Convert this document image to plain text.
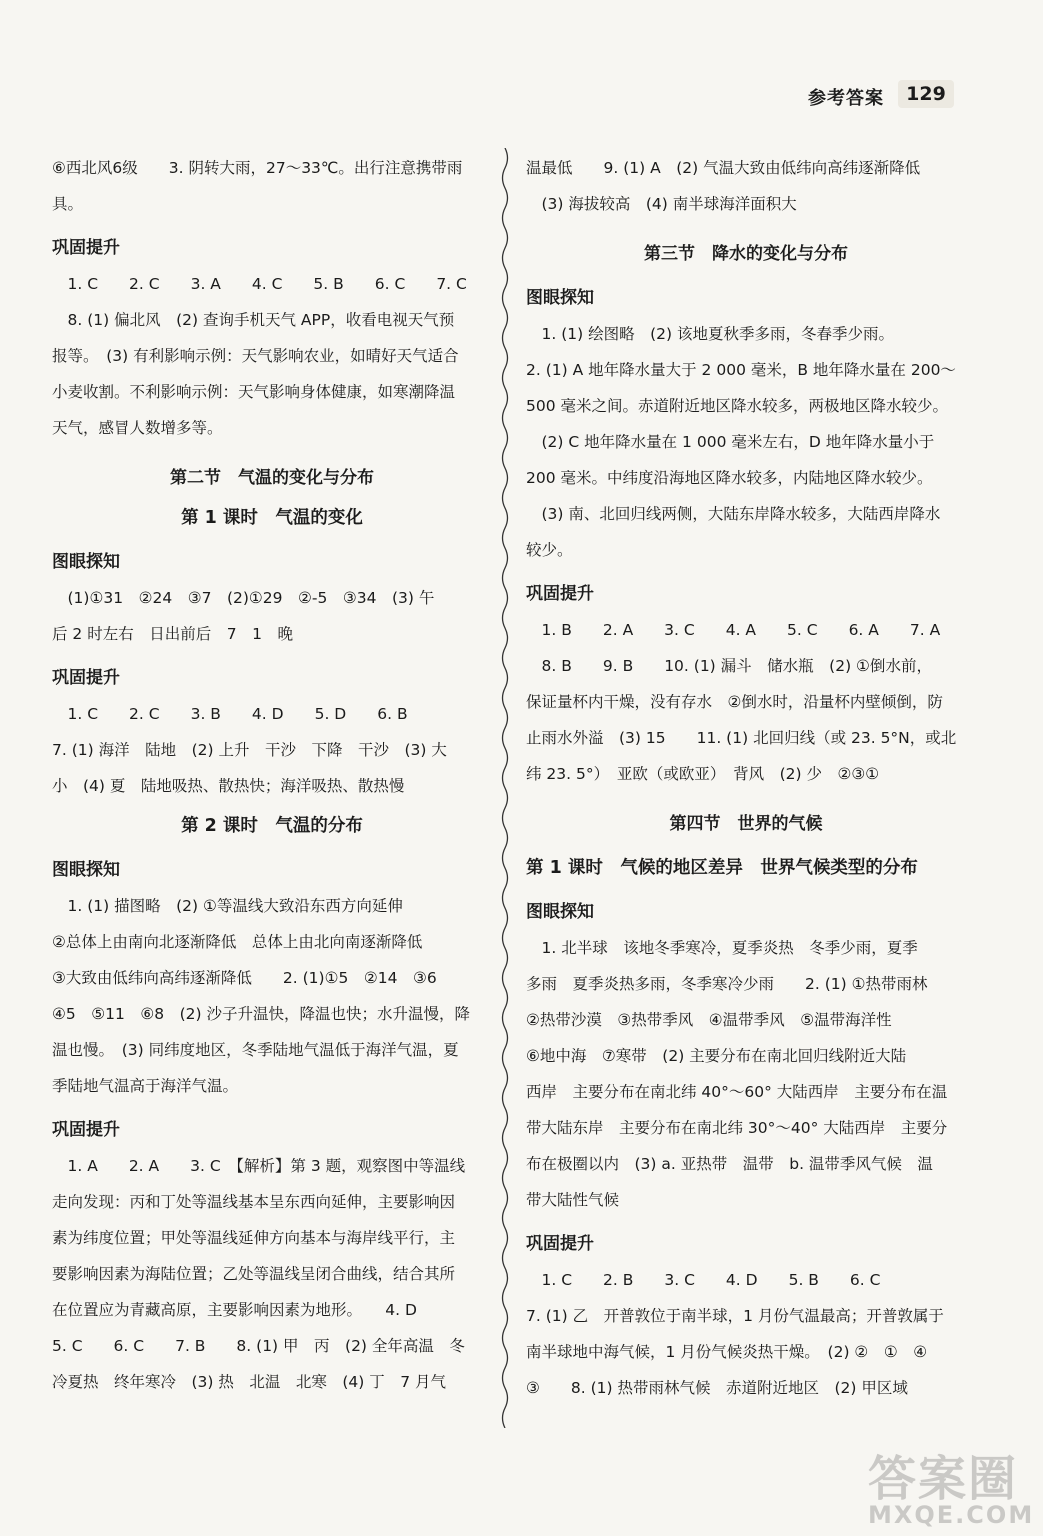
参考答案	129
⑥西北风6级　　3. 阴转大雨，27～33℃。出行注意携带雨
具。
巩固提升
　1. C　　2. C　　3. A　　4. C　　5. B　　6. C　　7. C
　8. (1) 偏北风　(2) 查询手机天气 APP，收看电视天气预
报等。　(3) 有利影响示例：天气影响农业，如晴好天气适合
小麦收割。不利影响示例：天气影响身体健康，如寒潮降温
天气，感冒人数增多等。
第二节　气温的变化与分布
第 1 课时　气温的变化
图眼探知
　(1)①31　②24　③7　(2)①29　②-5　③34　(3) 午
后 2 时左右　日出前后　7　1　晚
巩固提升
　1. C　　2. C　　3. B　　4. D　　5. D　　6. B
7. (1) 海洋　陆地　(2) 上升　干沙　下降　干沙　(3) 大
小　(4) 夏　陆地吸热、散热快；海洋吸热、散热慢
第 2 课时　气温的分布
图眼探知
　1. (1) 描图略　(2) ①等温线大致沿东西方向延伸
②总体上由南向北逐渐降低　总体上由北向南逐渐降低
③大致由低纬向高纬逐渐降低　　2. (1)①5　②14　③6
④5　⑤11　⑥8　(2) 沙子升温快，降温也快；水升温慢，降
温也慢。　(3) 同纬度地区，冬季陆地气温低于海洋气温，夏
季陆地气温高于海洋气温。
巩固提升
　1. A　　2. A　　3. C　【解析】第 3 题，观察图中等温线
走向发现：丙和丁处等温线基本呈东西向延伸，主要影响因
素为纬度位置；甲处等温线延伸方向基本与海岸线平行，主
要影响因素为海陆位置；乙处等温线呈闭合曲线，结合其所
在位置应为青藏高原，主要影响因素为地形。　　4. D
5. C　　6. C　　7. B　　8. (1) 甲　丙　(2) 全年高温　冬
冷夏热　终年寒冷　(3) 热　北温　北寒　(4) 丁　7 月气
温最低　　9. (1) A　(2) 气温大致由低纬向高纬逐渐降低
　(3) 海拔较高　(4) 南半球海洋面积大
第三节　降水的变化与分布
图眼探知
　1. (1) 绘图略　(2) 该地夏秋季多雨，冬春季少雨。
2. (1) A 地年降水量大于 2 000 毫米，B 地年降水量在 200～
500 毫米之间。赤道附近地区降水较多，两极地区降水较少。
　(2) C 地年降水量在 1 000 毫米左右，D 地年降水量小于
200 毫米。中纬度沿海地区降水较多，内陆地区降水较少。
　(3) 南、北回归线两侧，大陆东岸降水较多，大陆西岸降水
较少。
巩固提升
　1. B　　2. A　　3. C　　4. A　　5. C　　6. A　　7. A
　8. B　　9. B　　10. (1) 漏斗　储水瓶　(2) ①倒水前，
保证量杯内干燥，没有存水　②倒水时，沿量杯内壁倾倒，防
止雨水外溢　(3) 15　　11. (1) 北回归线（或 23. 5°N，或北
纬 23. 5°）　亚欧（或欧亚）　背风　(2) 少　②③①
第四节　世界的气候
第 1 课时　气候的地区差异　世界气候类型的分布
图眼探知
　1. 北半球　该地冬季寒冷，夏季炎热　冬季少雨，夏季
多雨　夏季炎热多雨，冬季寒冷少雨　　2. (1) ①热带雨林
②热带沙漠　③热带季风　④温带季风　⑤温带海洋性
⑥地中海　⑦寒带　(2) 主要分布在南北回归线附近大陆
西岸　主要分布在南北纬 40°～60° 大陆西岸　主要分布在温
带大陆东岸　主要分布在南北纬 30°～40° 大陆西岸　主要分
布在极圈以内　(3) a. 亚热带　温带　b. 温带季风气候　温
带大陆性气候
巩固提升
　1. C　　2. B　　3. C　　4. D　　5. B　　6. C
7. (1) 乙　开普敦位于南半球，1 月份气温最高；开普敦属于
南半球地中海气候，1 月份气候炎热干燥。　(2) ②　①　④
③　　8. (1) 热带雨林气候　赤道附近地区　(2) 甲区域
答案圈
MXQE.COM
